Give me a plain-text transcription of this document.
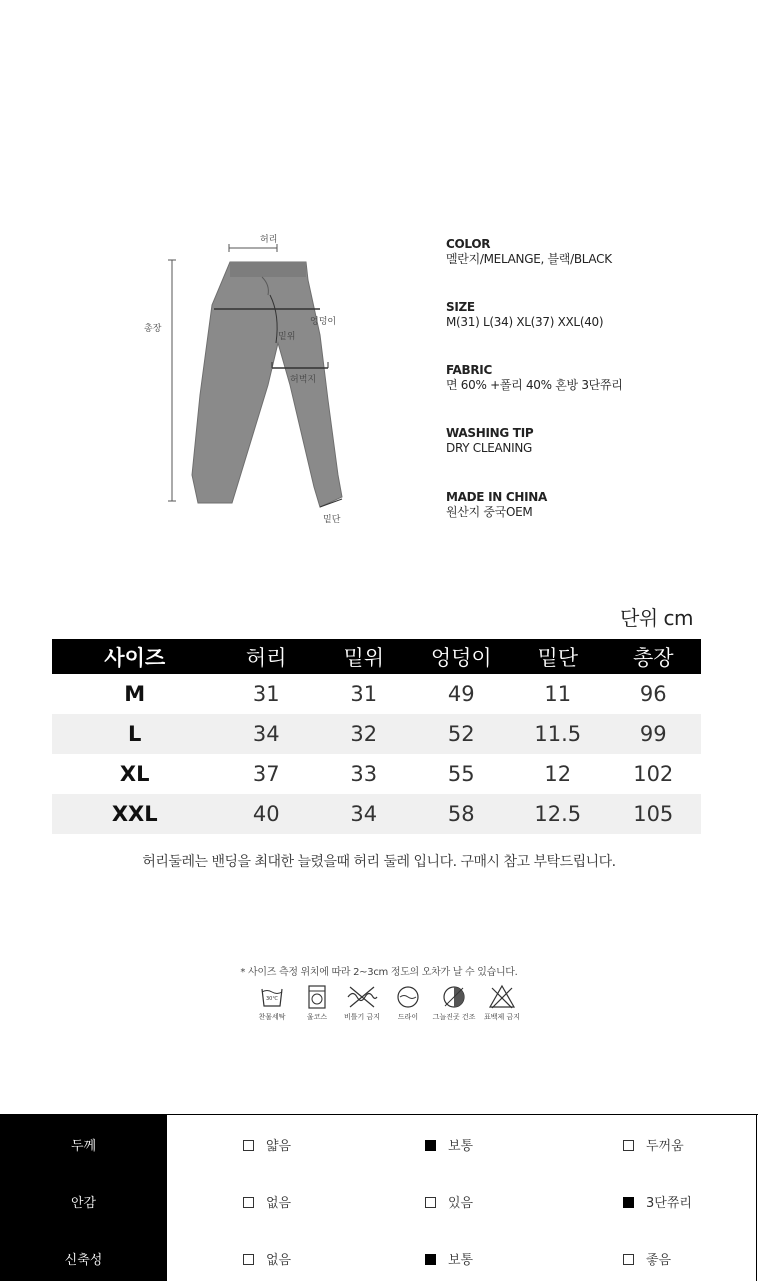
허리
총장
밑위
엉덩이
허벅지
밑단
COLOR
멜란지/MELANGE, 블랙/BLACK
SIZE
M(31) L(34) XL(37) XXL(40)
FABRIC
면 60% +폴리 40% 혼방 3단쮸리
WASHING TIP
DRY CLEANING
MADE IN CHINA
원산지 중국OEM
단위 cm
사이즈	허리	밑위	엉덩이	밑단	총장
M	31	31	49	11	96
L	34	32	52	11.5	99
XL	37	33	55	12	102
XXL	40	34	58	12.5	105
허리둘레는 밴딩을 최대한 늘렸을때 허리 둘레 입니다. 구매시 참고 부탁드립니다.
* 사이즈 측정 위치에 따라 2~3cm 정도의 오차가 날 수 있습니다.
30℃
찬물세탁	울코스	비틀기 금지	드라이	그늘진곳 건조	표백제 금지
두께	얇음	보통	두꺼움
안감	없음	있음	3단쮸리
신축성	없음	보통	좋음
